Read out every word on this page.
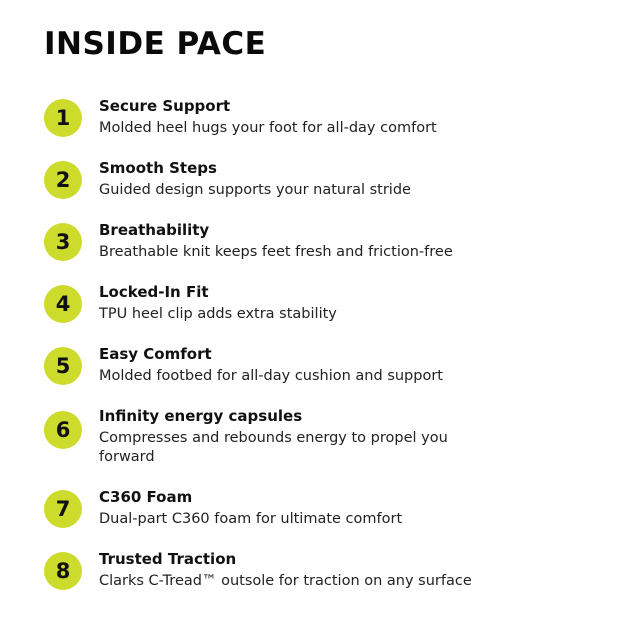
INSIDE PACE
1	Secure Support
Molded heel hugs your foot for all-day comfort
2	Smooth Steps
Guided design supports your natural stride
3	Breathability
Breathable knit keeps feet fresh and friction-free
4	Locked-In Fit
TPU heel clip adds extra stability
5	Easy Comfort
Molded footbed for all-day cushion and support
6
Infinity energy capsules
Compresses and rebounds energy to propel you forward
7	C360 Foam
Dual-part C360 foam for ultimate comfort
8	Trusted Traction
Clarks C-Tread™ outsole for traction on any surface
